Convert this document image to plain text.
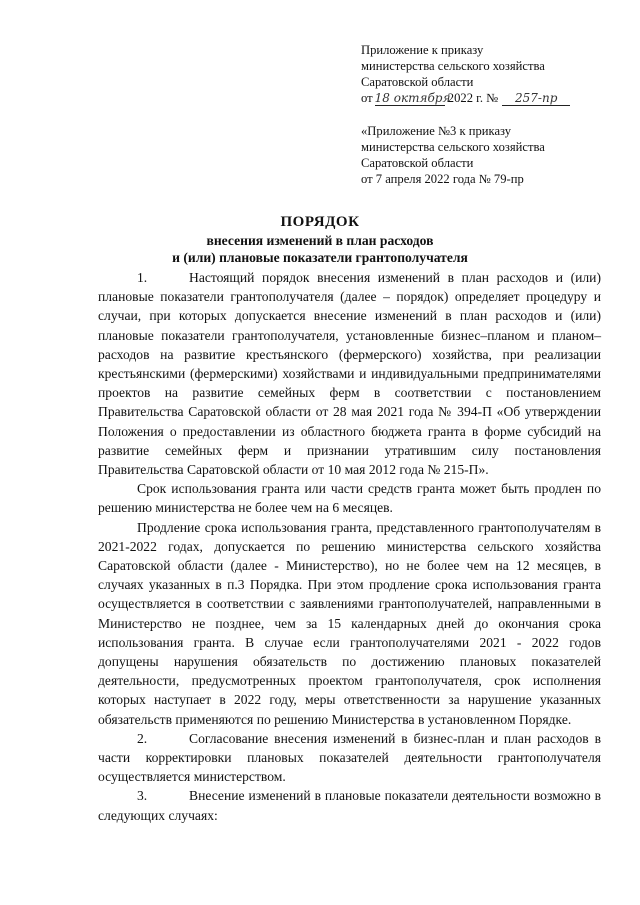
Приложение к приказу
министерства сельского хозяйства
Саратовской области
от 18 октября 2022 г. № 257-пр
«Приложение №3 к приказу
министерства сельского хозяйства
Саратовской области
от 7 апреля 2022 года № 79-пр
ПОРЯДОК
внесения изменений в план расходов
и (или) плановые показатели грантополучателя

1.	Настоящий порядок внесения изменений в план расходов и (или) плановые показатели грантополучателя (далее – порядок) определяет процедуру и случаи, при которых допускается внесение изменений в план расходов и (или) плановые показатели грантополучателя, установленные бизнес–планом и планом–расходов на развитие крестьянского (фермерского) хозяйства, при реализации крестьянскими (фермерскими) хозяйствами и индивидуальными предпринимателями проектов на развитие семейных ферм в соответствии с постановлением Правительства Саратовской области от 28 мая 2021 года № 394-П «Об утверждении Положения о предоставлении из областного бюджета гранта в форме субсидий на развитие семейных ферм и признании утратившим силу постановления Правительства Саратовской области от 10 мая 2012 года № 215-П».

Срок использования гранта или части средств гранта может быть продлен по решению министерства не более чем на 6 месяцев.

Продление срока использования гранта, представленного грантополучателям в 2021-2022 годах, допускается по решению министерства сельского хозяйства Саратовской области (далее - Министерство), но не более чем на 12 месяцев, в случаях указанных в п.3 Порядка. При этом продление срока использования гранта осуществляется в соответствии с заявлениями грантополучателей, направленными в Министерство не позднее, чем за 15 календарных дней до окончания срока использования гранта. В случае если грантополучателями 2021 - 2022 годов допущены нарушения обязательств по достижению плановых показателей деятельности, предусмотренных проектом грантополучателя, срок исполнения которых наступает в 2022 году, меры ответственности за нарушение указанных обязательств применяются по решению Министерства в установленном Порядке.

2.	Согласование внесения изменений в бизнес-план и план расходов в части корректировки плановых показателей деятельности грантополучателя осуществляется министерством.

3.	Внесение изменений в плановые показатели деятельности возможно в следующих случаях:
